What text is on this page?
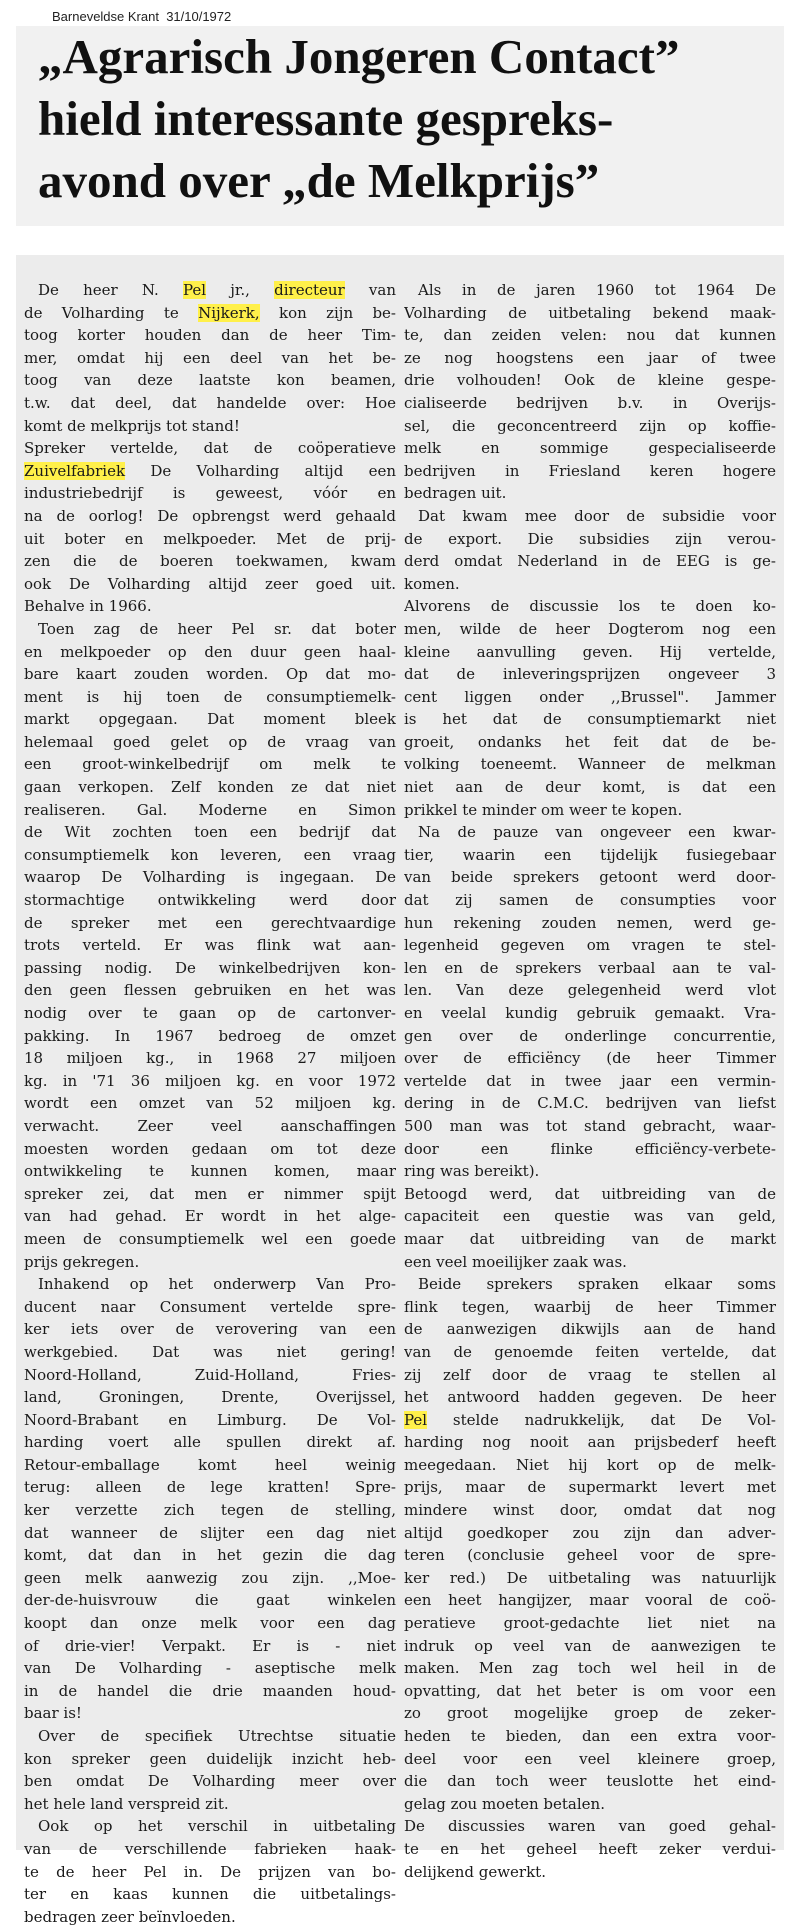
Barneveldse Krant 31/10/1972
„Agrarisch Jongeren Contact”
hield interessante gespreks-
avond over „de Melkprijs”
De heer N. Pel jr., directeur van
de Volharding te Nijkerk, kon zijn be-
toog korter houden dan de heer Tim-
mer, omdat hij een deel van het be-
toog van deze laatste kon beamen,
t.w. dat deel, dat handelde over: Hoe
komt de melkprijs tot stand!
Spreker vertelde, dat de coöperatieve
Zuivelfabriek De Volharding altijd een
industriebedrijf is geweest, vóór en
na de oorlog! De opbrengst werd gehaald
uit boter en melkpoeder. Met de prij-
zen die de boeren toekwamen, kwam
ook De Volharding altijd zeer goed uit.
Behalve in 1966.
Toen zag de heer Pel sr. dat boter
en melkpoeder op den duur geen haal-
bare kaart zouden worden. Op dat mo-
ment is hij toen de consumptiemelk-
markt opgegaan. Dat moment bleek
helemaal goed gelet op de vraag van
een groot-winkelbedrijf om melk te
gaan verkopen. Zelf konden ze dat niet
realiseren. Gal. Moderne en Simon
de Wit zochten toen een bedrijf dat
consumptiemelk kon leveren, een vraag
waarop De Volharding is ingegaan. De
stormachtige ontwikkeling werd door
de spreker met een gerechtvaardige
trots verteld. Er was flink wat aan-
passing nodig. De winkelbedrijven kon-
den geen flessen gebruiken en het was
nodig over te gaan op de cartonver-
pakking. In 1967 bedroeg de omzet
18 miljoen kg., in 1968 27 miljoen
kg. in '71 36 miljoen kg. en voor 1972
wordt een omzet van 52 miljoen kg.
verwacht. Zeer veel aanschaffingen
moesten worden gedaan om tot deze
ontwikkeling te kunnen komen, maar
spreker zei, dat men er nimmer spijt
van had gehad. Er wordt in het alge-
meen de consumptiemelk wel een goede
prijs gekregen.
Inhakend op het onderwerp Van Pro-
ducent naar Consument vertelde spre-
ker iets over de verovering van een
werkgebied. Dat was niet gering!
Noord-Holland, Zuid-Holland, Fries-
land, Groningen, Drente, Overijssel,
Noord-Brabant en Limburg. De Vol-
harding voert alle spullen direkt af.
Retour-emballage komt heel weinig
terug: alleen de lege kratten! Spre-
ker verzette zich tegen de stelling,
dat wanneer de slijter een dag niet
komt, dat dan in het gezin die dag
geen melk aanwezig zou zijn. ,,Moe-
der-de-huisvrouw die gaat winkelen
koopt dan onze melk voor een dag
of drie-vier! Verpakt. Er is - niet
van De Volharding - aseptische melk
in de handel die drie maanden houd-
baar is!
Over de specifiek Utrechtse situatie
kon spreker geen duidelijk inzicht heb-
ben omdat De Volharding meer over
het hele land verspreid zit.
Ook op het verschil in uitbetaling
van de verschillende fabrieken haak-
te de heer Pel in. De prijzen van bo-
ter en kaas kunnen die uitbetalings-
bedragen zeer beïnvloeden.
Als in de jaren 1960 tot 1964 De
Volharding de uitbetaling bekend maak-
te, dan zeiden velen: nou dat kunnen
ze nog hoogstens een jaar of twee
drie volhouden! Ook de kleine gespe-
cialiseerde bedrijven b.v. in Overijs-
sel, die geconcentreerd zijn op koffie-
melk en sommige gespecialiseerde
bedrijven in Friesland keren hogere
bedragen uit.
Dat kwam mee door de subsidie voor
de export. Die subsidies zijn verou-
derd omdat Nederland in de EEG is ge-
komen.
Alvorens de discussie los te doen ko-
men, wilde de heer Dogterom nog een
kleine aanvulling geven. Hij vertelde,
dat de inleveringsprijzen ongeveer 3
cent liggen onder ,,Brussel". Jammer
is het dat de consumptiemarkt niet
groeit, ondanks het feit dat de be-
volking toeneemt. Wanneer de melkman
niet aan de deur komt, is dat een
prikkel te minder om weer te kopen.
Na de pauze van ongeveer een kwar-
tier, waarin een tijdelijk fusiegebaar
van beide sprekers getoont werd door-
dat zij samen de consumpties voor
hun rekening zouden nemen, werd ge-
legenheid gegeven om vragen te stel-
len en de sprekers verbaal aan te val-
len. Van deze gelegenheid werd vlot
en veelal kundig gebruik gemaakt. Vra-
gen over de onderlinge concurrentie,
over de efficiëncy (de heer Timmer
vertelde dat in twee jaar een vermin-
dering in de C.M.C. bedrijven van liefst
500 man was tot stand gebracht, waar-
door een flinke efficiëncy-verbete-
ring was bereikt).
Betoogd werd, dat uitbreiding van de
capaciteit een questie was van geld,
maar dat uitbreiding van de markt
een veel moeilijker zaak was.
Beide sprekers spraken elkaar soms
flink tegen, waarbij de heer Timmer
de aanwezigen dikwijls aan de hand
van de genoemde feiten vertelde, dat
zij zelf door de vraag te stellen al
het antwoord hadden gegeven. De heer
Pel stelde nadrukkelijk, dat De Vol-
harding nog nooit aan prijsbederf heeft
meegedaan. Niet hij kort op de melk-
prijs, maar de supermarkt levert met
mindere winst door, omdat dat nog
altijd goedkoper zou zijn dan adver-
teren (conclusie geheel voor de spre-
ker red.) De uitbetaling was natuurlijk
een heet hangijzer, maar vooral de coö-
peratieve groot-gedachte liet niet na
indruk op veel van de aanwezigen te
maken. Men zag toch wel heil in de
opvatting, dat het beter is om voor een
zo groot mogelijke groep de zeker-
heden te bieden, dan een extra voor-
deel voor een veel kleinere groep,
die dan toch weer teuslotte het eind-
gelag zou moeten betalen.
De discussies waren van goed gehal-
te en het geheel heeft zeker verdui-
delijkend gewerkt.
